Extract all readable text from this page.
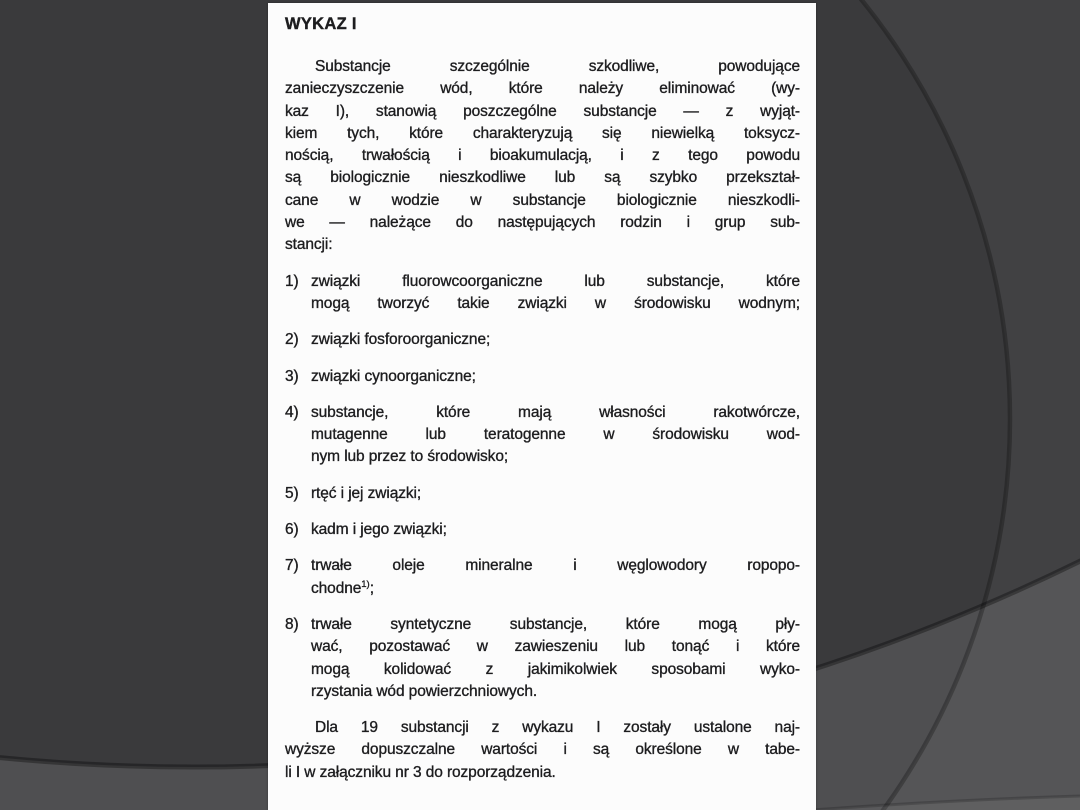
WYKAZ I
Substancje szczególnie szkodliwe, powodujące
zanieczyszczenie wód, które należy eliminować (wy-
kaz I), stanowią poszczególne substancje — z wyjąt-
kiem tych, które charakteryzują się niewielką toksycz-
nością, trwałością i bioakumulacją, i z tego powodu
są biologicznie nieszkodliwe lub są szybko przekształ-
cane w wodzie w substancje biologicznie nieszkodli-
we — należące do następujących rodzin i grup sub-
stancji:
1) związki fluorowcoorganiczne lub substancje, które
mogą tworzyć takie związki w środowisku wodnym;
2) związki fosforoorganiczne;
3) związki cynoorganiczne;
4) substancje, które mają własności rakotwórcze,
mutagenne lub teratogenne w środowisku wod-
nym lub przez to środowisko;
5) rtęć i jej związki;
6) kadm i jego związki;
7) trwałe oleje mineralne i węglowodory ropopo-
chodne$^{1)}$;
8) trwałe syntetyczne substancje, które mogą pły-
wać, pozostawać w zawieszeniu lub tonąć i które
mogą kolidować z jakimikolwiek sposobami wyko-
rzystania wód powierzchniowych.
Dla 19 substancji z wykazu I zostały ustalone naj-
wyższe dopuszczalne wartości i są określone w tabe-
li I w załączniku nr 3 do rozporządzenia.
